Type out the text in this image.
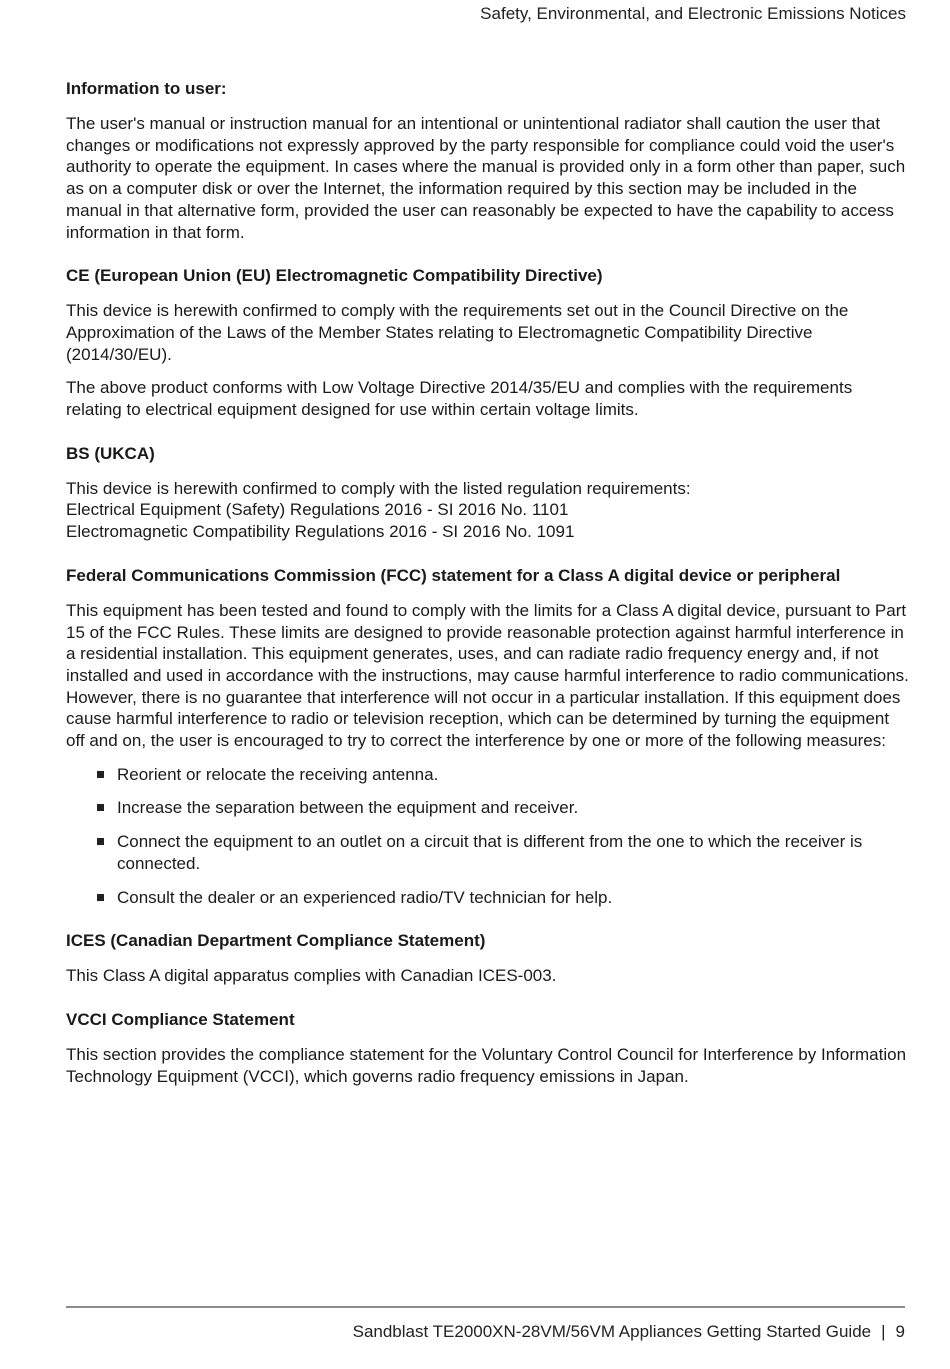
Safety, Environmental, and Electronic Emissions Notices
Information to user:

The user's manual or instruction manual for an intentional or unintentional radiator shall caution the user that changes or modifications not expressly approved by the party responsible for compliance could void the user's authority to operate the equipment. In cases where the manual is provided only in a form other than paper, such as on a computer disk or over the Internet, the information required by this section may be included in the manual in that alternative form, provided the user can reasonably be expected to have the capability to access information in that form.

CE (European Union (EU) Electromagnetic Compatibility Directive)

This device is herewith confirmed to comply with the requirements set out in the Council Directive on the Approximation of the Laws of the Member States relating to Electromagnetic Compatibility Directive (2014/30/EU).

The above product conforms with Low Voltage Directive 2014/35/EU and complies with the requirements relating to electrical equipment designed for use within certain voltage limits.

BS (UKCA)

This device is herewith confirmed to comply with the listed regulation requirements:
Electrical Equipment (Safety) Regulations 2016 - SI 2016 No. 1101
Electromagnetic Compatibility Regulations 2016 - SI 2016 No. 1091

Federal Communications Commission (FCC) statement for a Class A digital device or peripheral

This equipment has been tested and found to comply with the limits for a Class A digital device, pursuant to Part 15 of the FCC Rules. These limits are designed to provide reasonable protection against harmful interference in a residential installation. This equipment generates, uses, and can radiate radio frequency energy and, if not installed and used in accordance with the instructions, may cause harmful interference to radio communications. However, there is no guarantee that interference will not occur in a particular installation. If this equipment does cause harmful interference to radio or television reception, which can be determined by turning the equipment off and on, the user is encouraged to try to correct the interference by one or more of the following measures:

Reorient or relocate the receiving antenna.
Increase the separation between the equipment and receiver.
Connect the equipment to an outlet on a circuit that is different from the one to which the receiver is connected.
Consult the dealer or an experienced radio/TV technician for help.
ICES (Canadian Department Compliance Statement)

This Class A digital apparatus complies with Canadian ICES-003.

VCCI Compliance Statement

This section provides the compliance statement for the Voluntary Control Council for Interference by Information Technology Equipment (VCCI), which governs radio frequency emissions in Japan.

Sandblast TE2000XN-28VM/56VM Appliances Getting Started Guide | 9
